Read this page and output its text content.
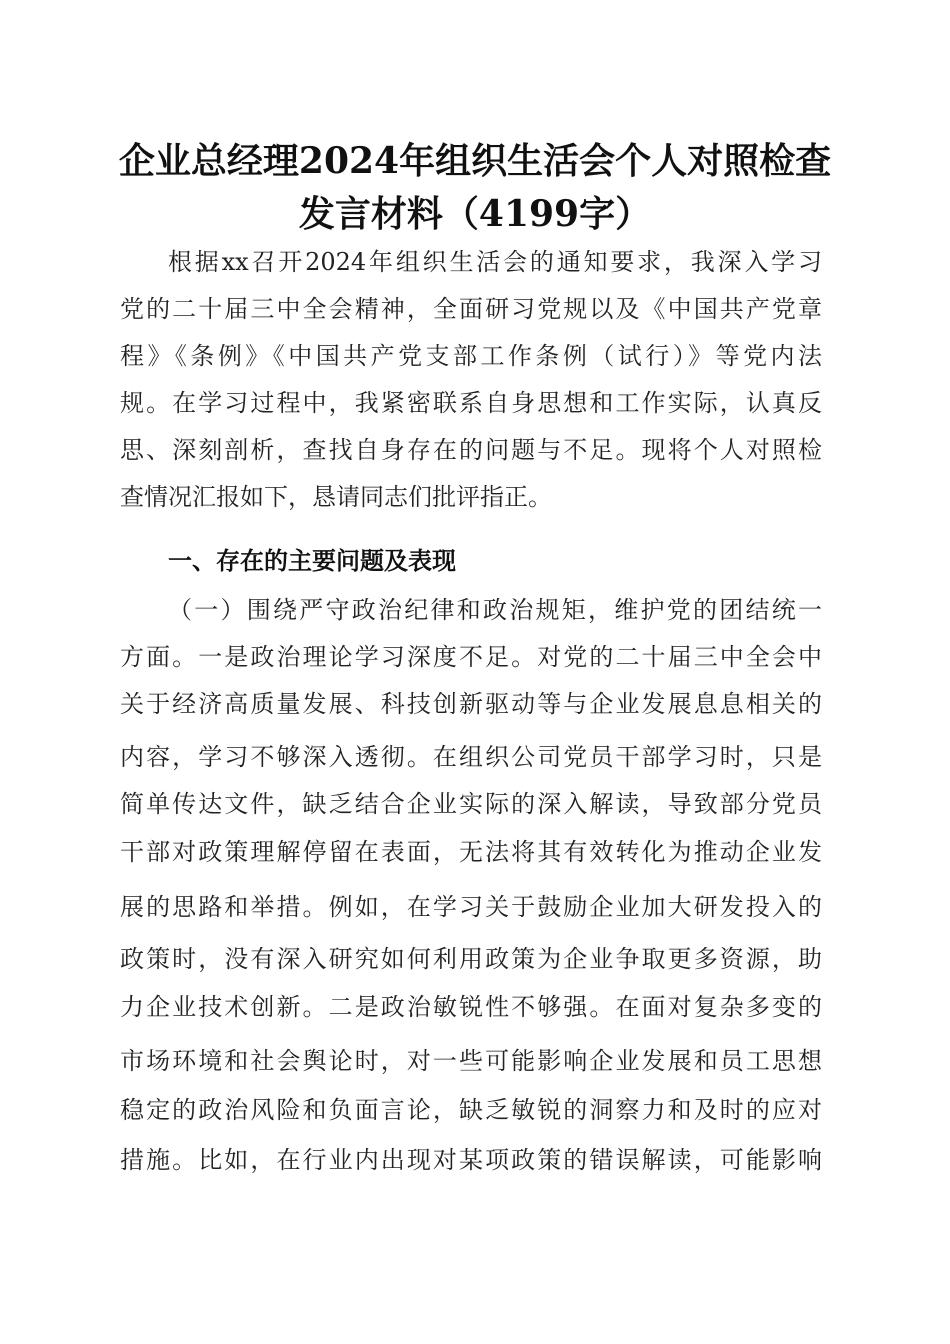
企业总经理2024年组织生活会个人对照检查
发言材料（4199字）

根据xx召开2024年组织生活会的通知要求，我深入学习

党的二十届三中全会精神，全面研习党规以及《中国共产党章

程》《条例》《中国共产党支部工作条例（试行）》等党内法

规。在学习过程中，我紧密联系自身思想和工作实际，认真反

思、深刻剖析，查找自身存在的问题与不足。现将个人对照检

查情况汇报如下，恳请同志们批评指正。

一、存在的主要问题及表现

（一）围绕严守政治纪律和政治规矩，维护党的团结统一

方面。一是政治理论学习深度不足。对党的二十届三中全会中

关于经济高质量发展、科技创新驱动等与企业发展息息相关的

内容，学习不够深入透彻。在组织公司党员干部学习时，只是

简单传达文件，缺乏结合企业实际的深入解读，导致部分党员

干部对政策理解停留在表面，无法将其有效转化为推动企业发

展的思路和举措。例如，在学习关于鼓励企业加大研发投入的

政策时，没有深入研究如何利用政策为企业争取更多资源，助

力企业技术创新。二是政治敏锐性不够强。在面对复杂多变的

市场环境和社会舆论时，对一些可能影响企业发展和员工思想

稳定的政治风险和负面言论，缺乏敏锐的洞察力和及时的应对

措施。比如，在行业内出现对某项政策的错误解读，可能影响
